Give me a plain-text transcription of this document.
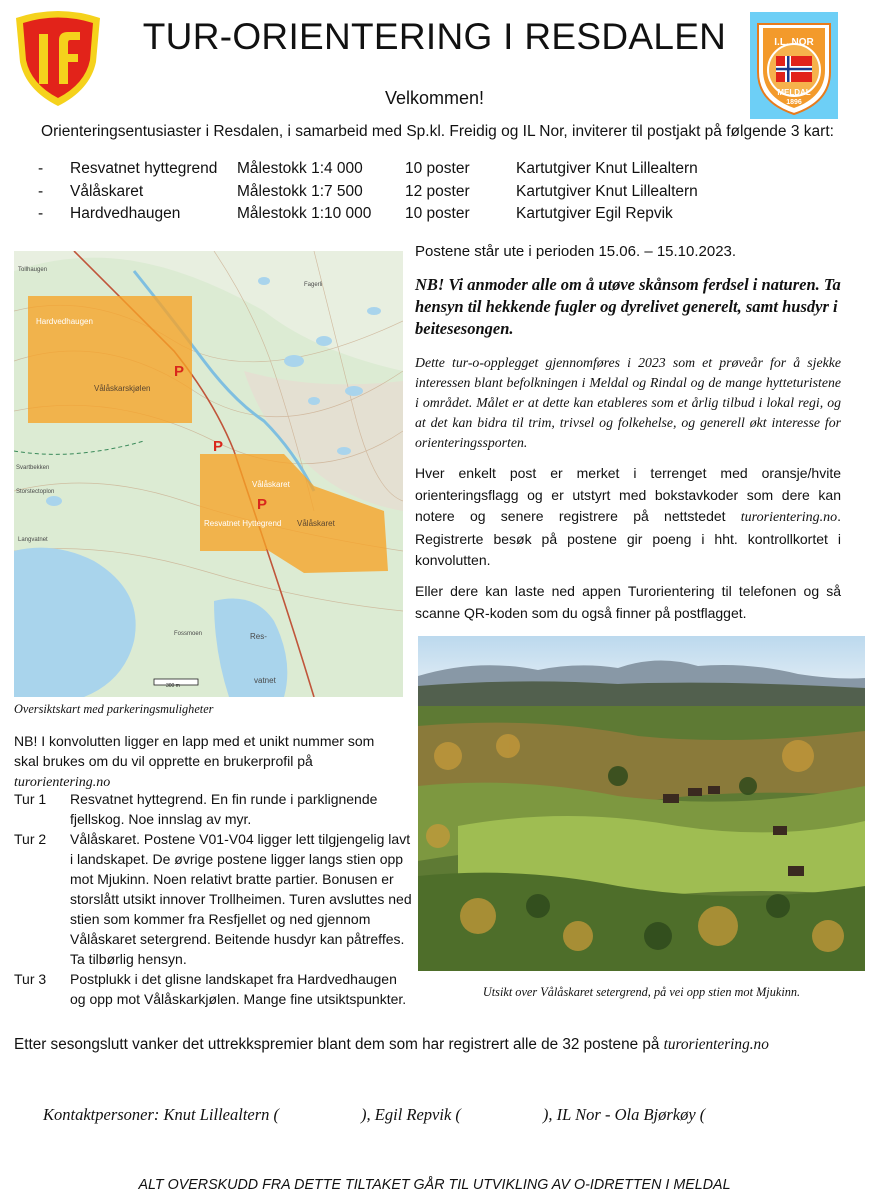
I.L. NOR
MELDAL
1896
TUR-ORIENTERING I RESDALEN
Velkommen!
Orienteringsentusiaster i Resdalen, i samarbeid med Sp.kl. Freidig og IL Nor, inviterer til postjakt på følgende 3 kart:
- Resvatnet hyttegrend Målestokk 1:4 000	10 poster	Kartutgiver Knut Lillealtern
- Vålåskaret	Målestokk 1:7 500	12 poster	Kartutgiver Knut Lillealtern
- Hardvedhaugen	Målestokk 1:10 000 10 poster	Kartutgiver Egil Repvik
P
P
P
Hardvedhaugen
Vålåskarskjølen
Vålåskaret
Resvatnet Hyttegrend Vålåskaret
Tollhaugen
Fagerli
Langvatnet
Storstectoplon
Svartbekken
Fossmoen	Res-
vatnet
300 m
Oversiktskart med parkeringsmuligheter
Postene står ute i perioden 15.06. – 15.10.2023.
NB! Vi anmoder alle om å utøve skånsom ferdsel i naturen. Ta hensyn til hekkende fugler og dyrelivet generelt, samt husdyr i beitesesongen.
Dette tur-o-opplegget gjennomføres i 2023 som et prøveår for å sjekke interessen blant befolkningen i Meldal og Rindal og de mange hytteturistene i området. Målet er at dette kan etableres som et årlig tilbud i lokal regi, og at det kan bidra til trim, trivsel og folkehelse, og generell økt interesse for orienteringssporten.
Hver enkelt post er merket i terrenget med oransje/hvite orienteringsflagg og er utstyrt med bokstavkoder som dere kan notere og senere registrere på nettstedet turorientering.no. Registrerte besøk på postene gir poeng i hht. kontrollkortet i konvolutten.
Eller dere kan laste ned appen Turorientering til telefonen og så scanne QR-koden som du også finner på postflagget.
Utsikt over Vålåskaret setergrend, på vei opp stien mot Mjukinn.
NB! I konvolutten ligger en lapp med et unikt nummer som skal brukes om du vil opprette en brukerprofil på turorientering.no
Tur 1 Resvatnet hyttegrend. En fin runde i parklignende fjellskog. Noe innslag av myr.
Tur 2 Vålåskaret. Postene V01-V04 ligger lett tilgjengelig lavt i landskapet. De øvrige postene ligger langs stien opp mot Mjukinn. Noen relativt bratte partier. Bonusen er storslått utsikt innover Trollheimen. Turen avsluttes ned stien som kommer fra Resfjellet og ned gjennom Vålåskaret setergrend. Beitende husdyr kan påtreffes. Ta tilbørlig hensyn.
Tur 3 Postplukk i det glisne landskapet fra Hardvedhaugen og opp mot Vålåskarkjølen. Mange fine utsiktspunkter.
Etter sesongslutt vanker det uttrekkspremier blant dem som har registrert alle de 32 postene på turorientering.no
Kontaktpersoner: Knut Lillealtern (	), Egil Repvik (	), IL Nor - Ola Bjørkøy (
ALT OVERSKUDD FRA DETTE TILTAKET GÅR TIL UTVIKLING AV O-IDRETTEN I MELDAL
